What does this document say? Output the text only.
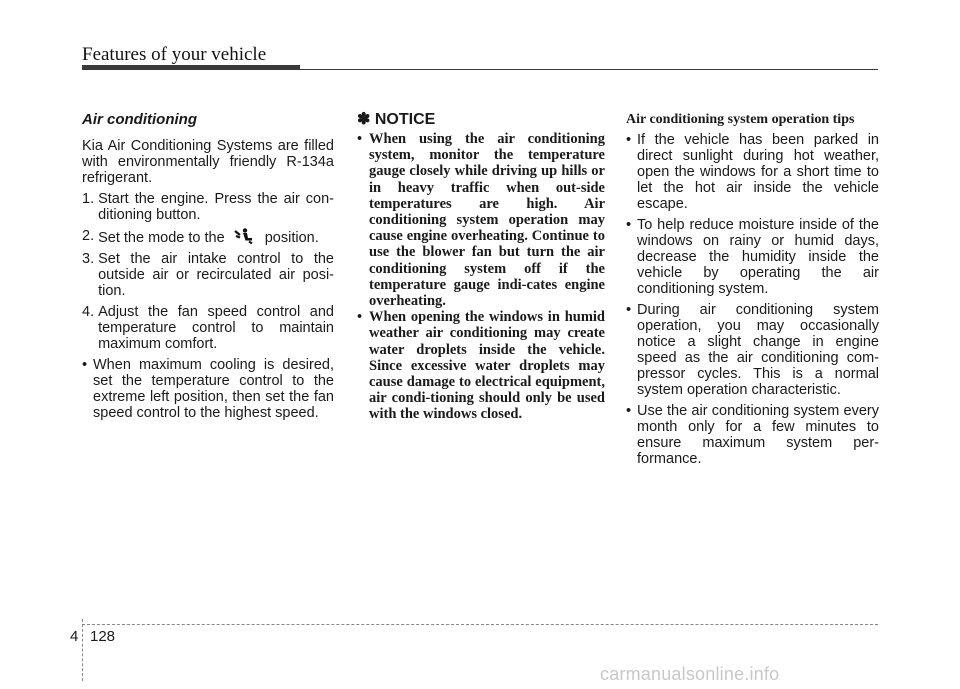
Features of your vehicle
Air conditioning

Kia Air Conditioning Systems are filled with environmentally friendly R-134a refrigerant.

1. Start the engine. Press the air con-ditioning button.
2. Set the mode to the	position.
3. Set the air intake control to the outside air or recirculated air posi-tion.
4. Adjust the fan speed control and temperature control to maintain maximum comfort.
• When maximum cooling is desired, set the temperature control to the extreme left position, then set the fan speed control to the highest speed.
✽ NOTICE
• When using the air conditioning system, monitor the temperature gauge closely while driving up hills or in heavy traffic when out-side temperatures are high. Air conditioning system operation may cause engine overheating. Continue to use the blower fan but turn the air conditioning system off if the temperature gauge indi-cates engine overheating.
• When opening the windows in humid weather air conditioning may create water droplets inside the vehicle. Since excessive water droplets may cause damage to electrical equipment, air condi-tioning should only be used with the windows closed.
Air conditioning system operation tips
• If the vehicle has been parked in direct sunlight during hot weather, open the windows for a short time to let the hot air inside the vehicle escape.
• To help reduce moisture inside of the windows on rainy or humid days, decrease the humidity inside the vehicle by operating the air conditioning system.
• During air conditioning system operation, you may occasionally notice a slight change in engine speed as the air conditioning com-pressor cycles. This is a normal system operation characteristic.
• Use the air conditioning system every month only for a few minutes to ensure maximum system per-formance.
4 128
carmanualsonline.info
